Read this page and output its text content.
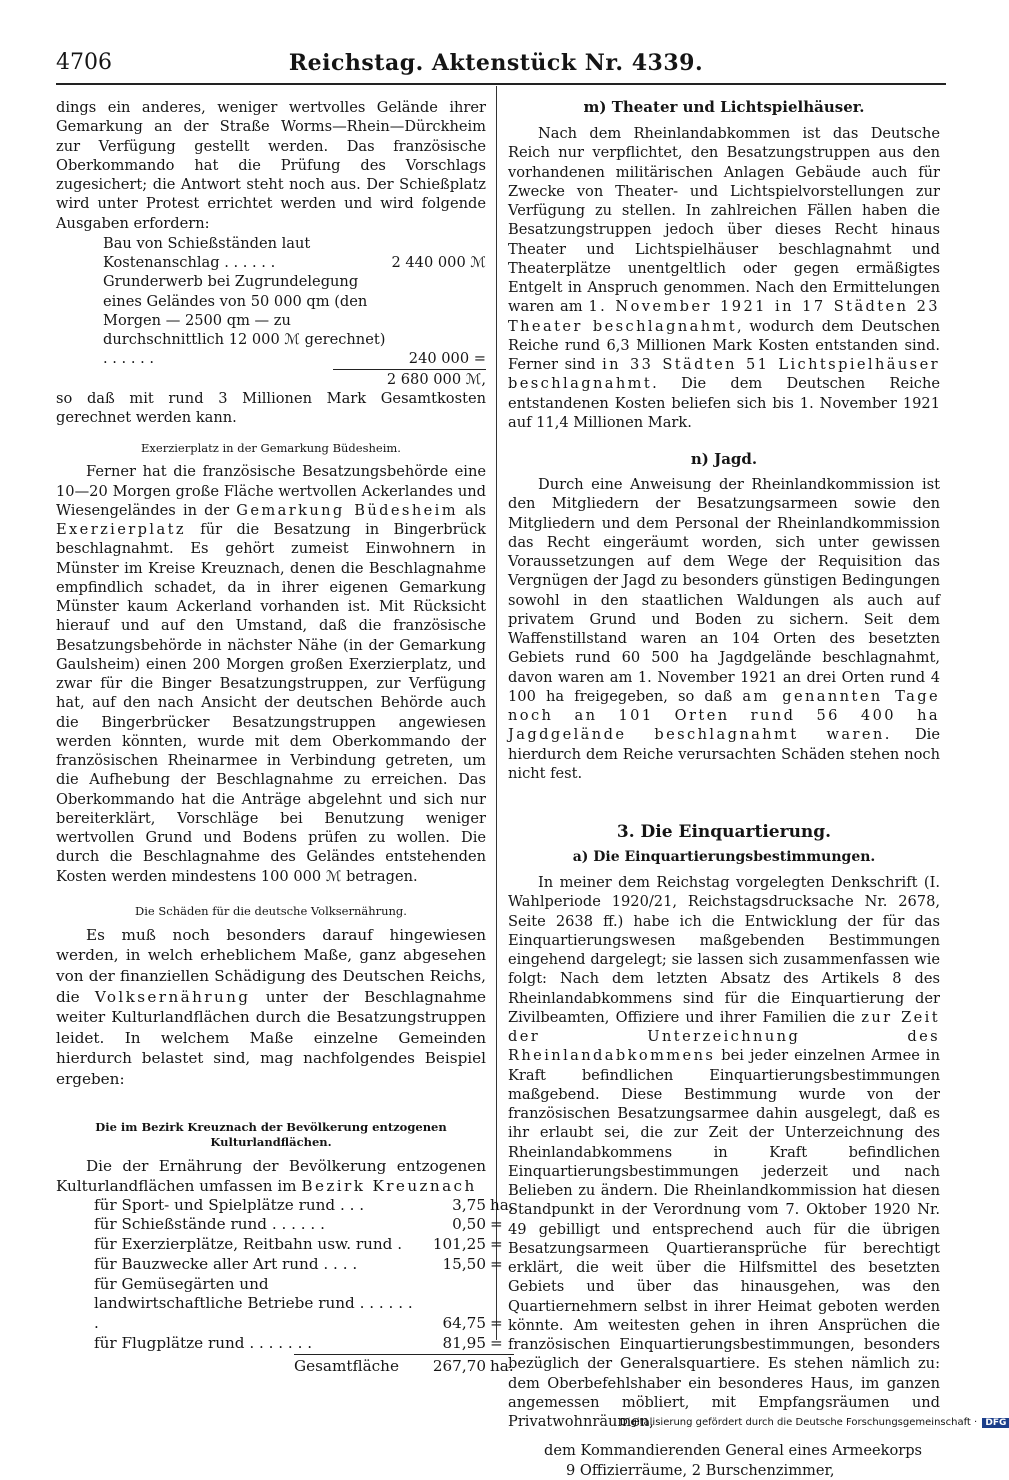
4706	Reichstag. Aktenstück Nr. 4339.

dings ein anderes, weniger wertvolles Gelände ihrer Gemarkung an der Straße Worms—Rhein—Dürckheim zur Verfügung gestellt werden. Das französische Oberkommando hat die Prüfung des Vorschlags zugesichert; die Antwort steht noch aus. Der Schießplatz wird unter Protest errichtet werden und wird folgende Ausgaben erfordern:

Bau von Schießständen laut Kostenanschlag . . . . . .	2 440 000 ℳ
Grunderwerb bei Zugrundelegung eines Geländes von 50 000 qm (den Morgen — 2500 qm — zu durchschnittlich 12 000 ℳ gerechnet) . . . . . .	240 000 =
2 680 000 ℳ,

so daß mit rund 3 Millionen Mark Gesamtkosten gerechnet werden kann.

Exerzierplatz in der Gemarkung Büdesheim.

Ferner hat die französische Besatzungsbehörde eine 10—20 Morgen große Fläche wertvollen Ackerlandes und Wiesengeländes in der Gemarkung Büdesheim als Exerzierplatz für die Besatzung in Bingerbrück beschlagnahmt. Es gehört zumeist Einwohnern in Münster im Kreise Kreuznach, denen die Beschlagnahme empfindlich schadet, da in ihrer eigenen Gemarkung Münster kaum Ackerland vorhanden ist. Mit Rücksicht hierauf und auf den Umstand, daß die französische Besatzungsbehörde in nächster Nähe (in der Gemarkung Gaulsheim) einen 200 Morgen großen Exerzierplatz, und zwar für die Binger Besatzungstruppen, zur Verfügung hat, auf den nach Ansicht der deutschen Behörde auch die Bingerbrücker Besatzungstruppen angewiesen werden könnten, wurde mit dem Oberkommando der französischen Rheinarmee in Verbindung getreten, um die Aufhebung der Beschlagnahme zu erreichen. Das Oberkommando hat die Anträge abgelehnt und sich nur bereiterklärt, Vorschläge bei Benutzung weniger wertvollen Grund und Bodens prüfen zu wollen. Die durch die Beschlagnahme des Geländes entstehenden Kosten werden mindestens 100 000 ℳ betragen.

Die Schäden für die deutsche Volksernährung.

Es muß noch besonders darauf hingewiesen werden, in welch erheblichem Maße, ganz abgesehen von der finanziellen Schädigung des Deutschen Reichs, die Volksernährung unter der Beschlagnahme weiter Kulturlandflächen durch die Besatzungstruppen leidet. In welchem Maße einzelne Gemeinden hierdurch belastet sind, mag nachfolgendes Beispiel ergeben:

Die im Bezirk Kreuznach der Bevölkerung entzogenen Kulturlandflächen.

Die der Ernährung der Bevölkerung entzogenen Kulturlandflächen umfassen im Bezirk Kreuznach

für Sport- und Spielplätze rund . . .	3,75 ha,
für Schießstände rund . . . . . .	0,50 =
für Exerzierplätze, Reitbahn usw. rund .	101,25 =
für Bauzwecke aller Art rund . . . .	15,50 =
für Gemüsegärten und landwirtschaftliche Betriebe rund . . . . . . .	64,75 =
für Flugplätze rund . . . . . . .	81,95 =
Gesamtfläche	267,70 ha.
m) Theater und Lichtspielhäuser.

Nach dem Rheinlandabkommen ist das Deutsche Reich nur verpflichtet, den Besatzungstruppen aus den vorhandenen militärischen Anlagen Gebäude auch für Zwecke von Theater- und Lichtspielvorstellungen zur Verfügung zu stellen. In zahlreichen Fällen haben die Besatzungstruppen jedoch über dieses Recht hinaus Theater und Lichtspielhäuser beschlagnahmt und Theaterplätze unentgeltlich oder gegen ermäßigtes Entgelt in Anspruch genommen. Nach den Ermittelungen waren am 1. November 1921 in 17 Städten 23 Theater beschlagnahmt, wodurch dem Deutschen Reiche rund 6,3 Millionen Mark Kosten entstanden sind. Ferner sind in 33 Städten 51 Lichtspielhäuser beschlagnahmt. Die dem Deutschen Reiche entstandenen Kosten beliefen sich bis 1. November 1921 auf 11,4 Millionen Mark.

n) Jagd.

Durch eine Anweisung der Rheinlandkommission ist den Mitgliedern der Besatzungsarmeen sowie den Mitgliedern und dem Personal der Rheinlandkommission das Recht eingeräumt worden, sich unter gewissen Voraussetzungen auf dem Wege der Requisition das Vergnügen der Jagd zu besonders günstigen Bedingungen sowohl in den staatlichen Waldungen als auch auf privatem Grund und Boden zu sichern. Seit dem Waffenstillstand waren an 104 Orten des besetzten Gebiets rund 60 500 ha Jagdgelände beschlagnahmt, davon waren am 1. November 1921 an drei Orten rund 4 100 ha freigegeben, so daß am genannten Tage noch an 101 Orten rund 56 400 ha Jagdgelände beschlagnahmt waren. Die hierdurch dem Reiche verursachten Schäden stehen noch nicht fest.

3. Die Einquartierung.
a) Die Einquartierungsbestimmungen.

In meiner dem Reichstag vorgelegten Denkschrift (I. Wahlperiode 1920/21, Reichstagsdrucksache Nr. 2678, Seite 2638 ff.) habe ich die Entwicklung der für das Einquartierungswesen maßgebenden Bestimmungen eingehend dargelegt; sie lassen sich zusammenfassen wie folgt: Nach dem letzten Absatz des Artikels 8 des Rheinlandabkommens sind für die Einquartierung der Zivilbeamten, Offiziere und ihrer Familien die zur Zeit der Unterzeichnung des Rheinlandabkommens bei jeder einzelnen Armee in Kraft befindlichen Einquartierungsbestimmungen maßgebend. Diese Bestimmung wurde von der französischen Besatzungsarmee dahin ausgelegt, daß es ihr erlaubt sei, die zur Zeit der Unterzeichnung des Rheinlandabkommens in Kraft befindlichen Einquartierungsbestimmungen jederzeit und nach Belieben zu ändern. Die Rheinlandkommission hat diesen Standpunkt in der Verordnung vom 7. Oktober 1920 Nr. 49 gebilligt und entsprechend auch für die übrigen Besatzungsarmeen Quartieransprüche für berechtigt erklärt, die weit über die Hilfsmittel des besetzten Gebiets und über das hinausgehen, was den Quartiernehmern selbst in ihrer Heimat geboten werden könnte. Am weitesten gehen in ihren Ansprüchen die französischen Einquartierungsbestimmungen, besonders bezüglich der Generalsquartiere. Es stehen nämlich zu: dem Oberbefehlshaber ein besonderes Haus, im ganzen angemessen möbliert, mit Empfangsräumen und Privatwohnräumen,

dem Kommandierenden General eines Armeekorps
9 Offizierräume, 2 Burschenzimmer,

Digitalisierung gefördert durch die Deutsche Forschungsgemeinschaft · DFG
